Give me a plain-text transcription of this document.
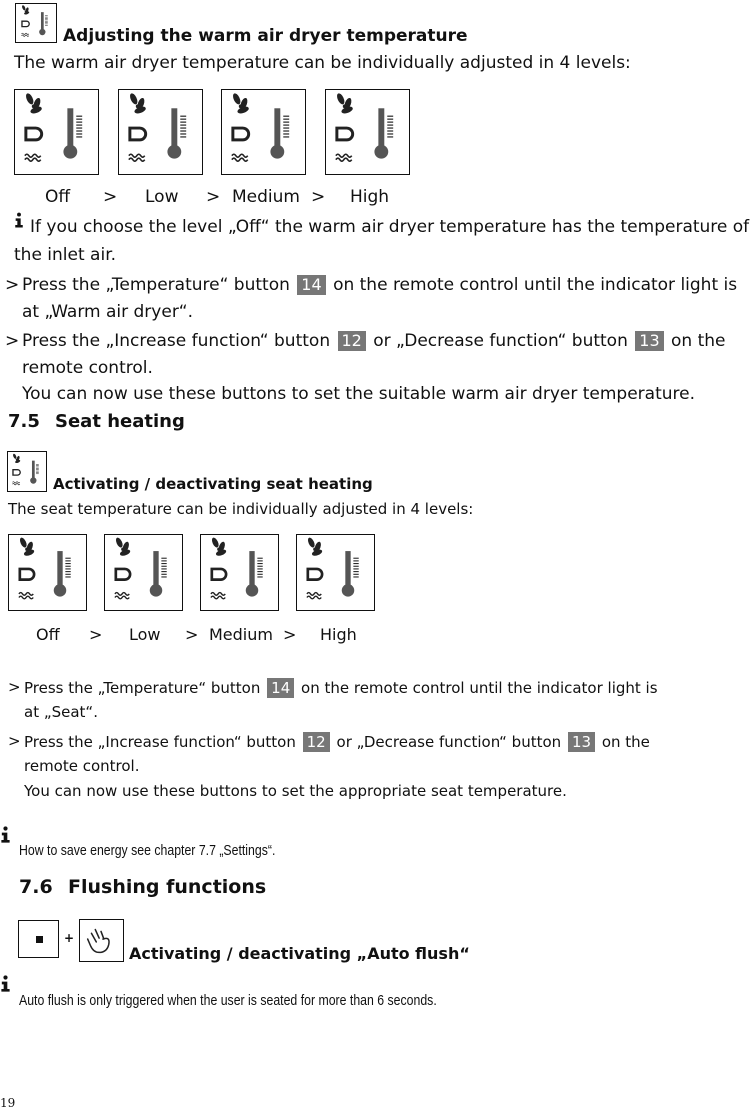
Adjusting the warm air dryer temperature
The warm air dryer temperature can be individually adjusted in 4 levels:
Off > Low > Medium > High
If you choose the level „Off“ the warm air dryer temperature has the temperature of
the inlet air.
> Press the „Temperature“ button 14 on the remote control until the indicator light is
at „Warm air dryer“.
> Press the „Increase function“ button 12 or „Decrease function“ button 13 on the
remote control.
You can now use these buttons to set the suitable warm air dryer temperature.
7.5 Seat heating
Activating / deactivating seat heating
The seat temperature can be individually adjusted in 4 levels:
Off > Low > Medium > High
> Press the „Temperature“ button 14 on the remote control until the indicator light is
at „Seat“.
> Press the „Increase function“ button 12 or „Decrease function“ button 13 on the
remote control.
You can now use these buttons to set the appropriate seat temperature.
How to save energy see chapter 7.7 „Settings“.
7.6 Flushing functions
+
Activating / deactivating „Auto flush“
Auto flush is only triggered when the user is seated for more than 6 seconds.
19
